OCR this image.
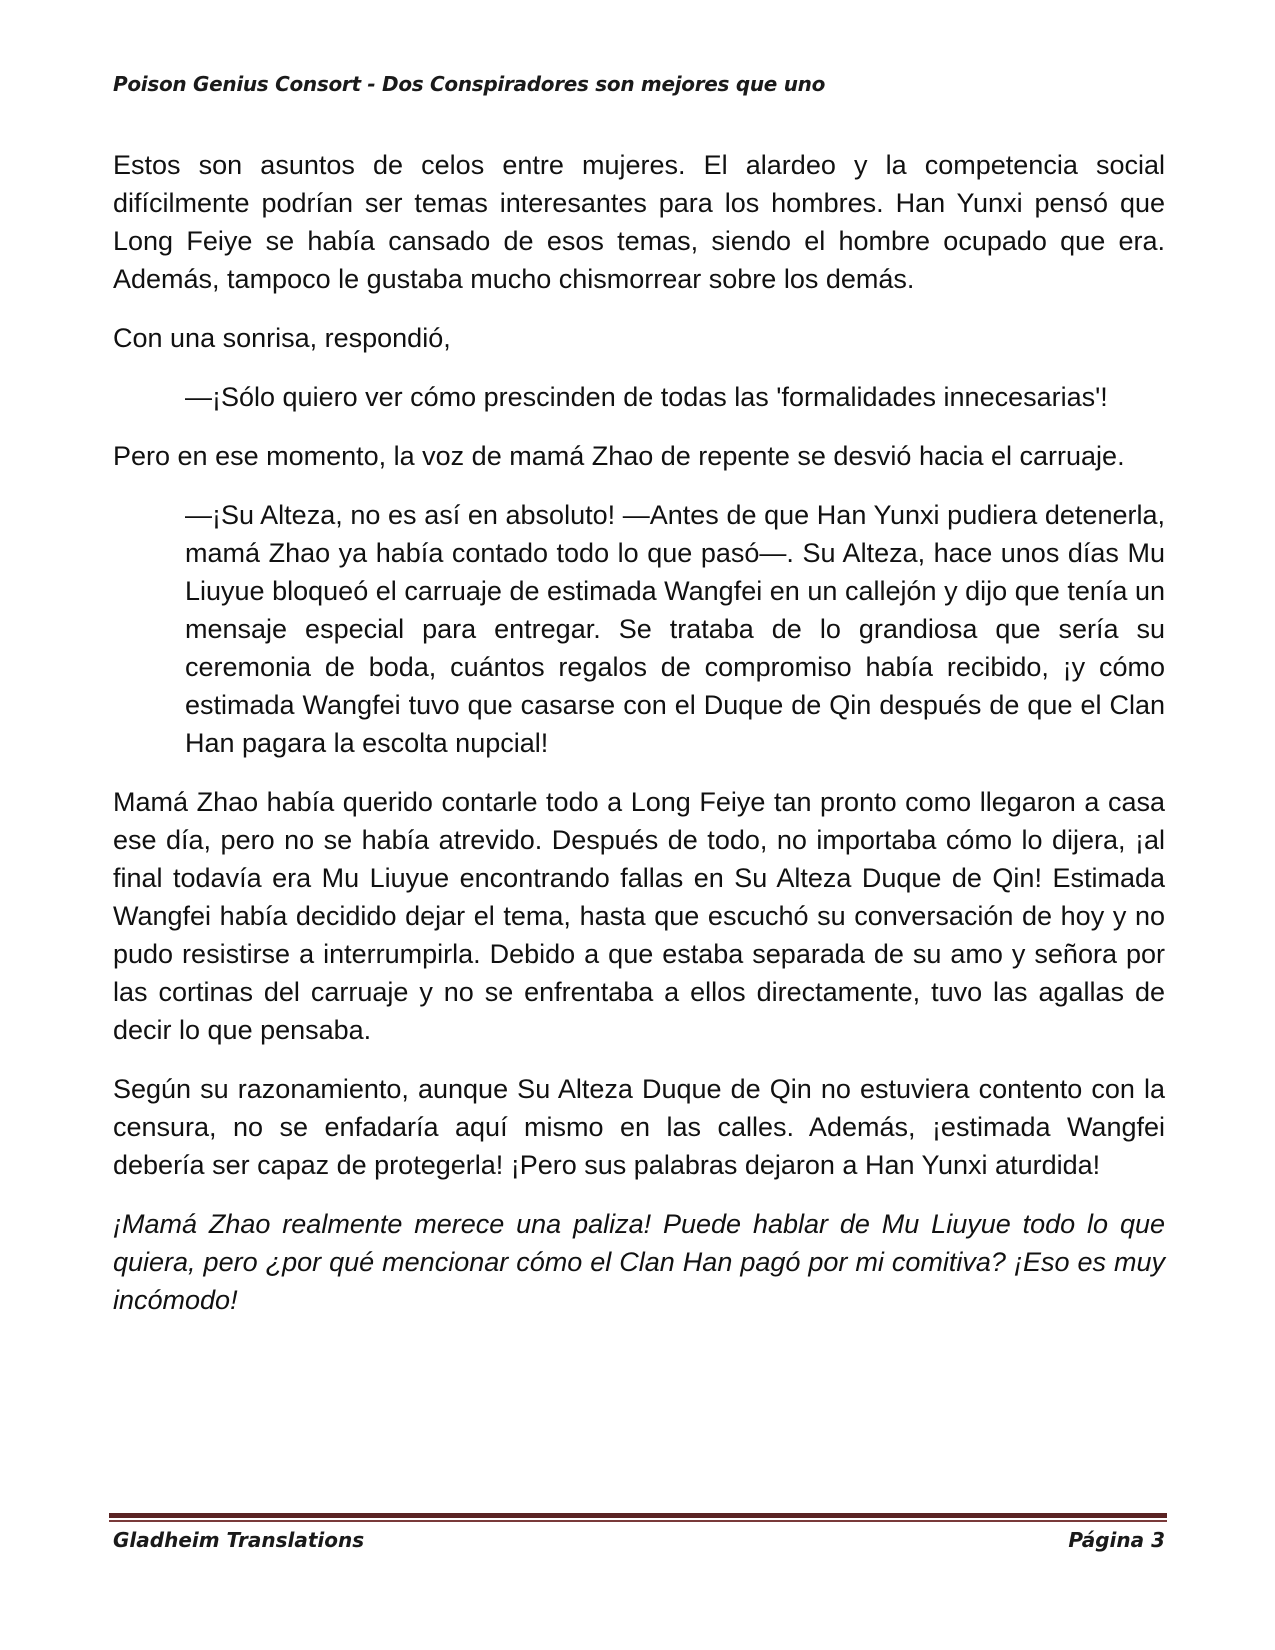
Poison Genius Consort - Dos Conspiradores son mejores que uno

Estos son asuntos de celos entre mujeres. El alardeo y la competencia social difícilmente podrían ser temas interesantes para los hombres. Han Yunxi pensó que Long Feiye se había cansado de esos temas, siendo el hombre ocupado que era. Además, tampoco le gustaba mucho chismorrear sobre los demás.

Con una sonrisa, respondió,

—¡Sólo quiero ver cómo prescinden de todas las 'formalidades innecesarias'!

Pero en ese momento, la voz de mamá Zhao de repente se desvió hacia el carruaje.

—¡Su Alteza, no es así en absoluto! —Antes de que Han Yunxi pudiera detenerla, mamá Zhao ya había contado todo lo que pasó—. Su Alteza, hace unos días Mu Liuyue bloqueó el carruaje de estimada Wangfei en un callejón y dijo que tenía un mensaje especial para entregar. Se trataba de lo grandiosa que sería su ceremonia de boda, cuántos regalos de compromiso había recibido, ¡y cómo estimada Wangfei tuvo que casarse con el Duque de Qin después de que el Clan Han pagara la escolta nupcial!

Mamá Zhao había querido contarle todo a Long Feiye tan pronto como llegaron a casa ese día, pero no se había atrevido. Después de todo, no importaba cómo lo dijera, ¡al final todavía era Mu Liuyue encontrando fallas en Su Alteza Duque de Qin! Estimada Wangfei había decidido dejar el tema, hasta que escuchó su conversación de hoy y no pudo resistirse a interrumpirla. Debido a que estaba separada de su amo y señora por las cortinas del carruaje y no se enfrentaba a ellos directamente, tuvo las agallas de decir lo que pensaba.

Según su razonamiento, aunque Su Alteza Duque de Qin no estuviera contento con la censura, no se enfadaría aquí mismo en las calles. Además, ¡estimada Wangfei debería ser capaz de protegerla! ¡Pero sus palabras dejaron a Han Yunxi aturdida!

¡Mamá Zhao realmente merece una paliza! Puede hablar de Mu Liuyue todo lo que quiera, pero ¿por qué mencionar cómo el Clan Han pagó por mi comitiva? ¡Eso es muy incómodo!

Gladheim Translations	Página 3
